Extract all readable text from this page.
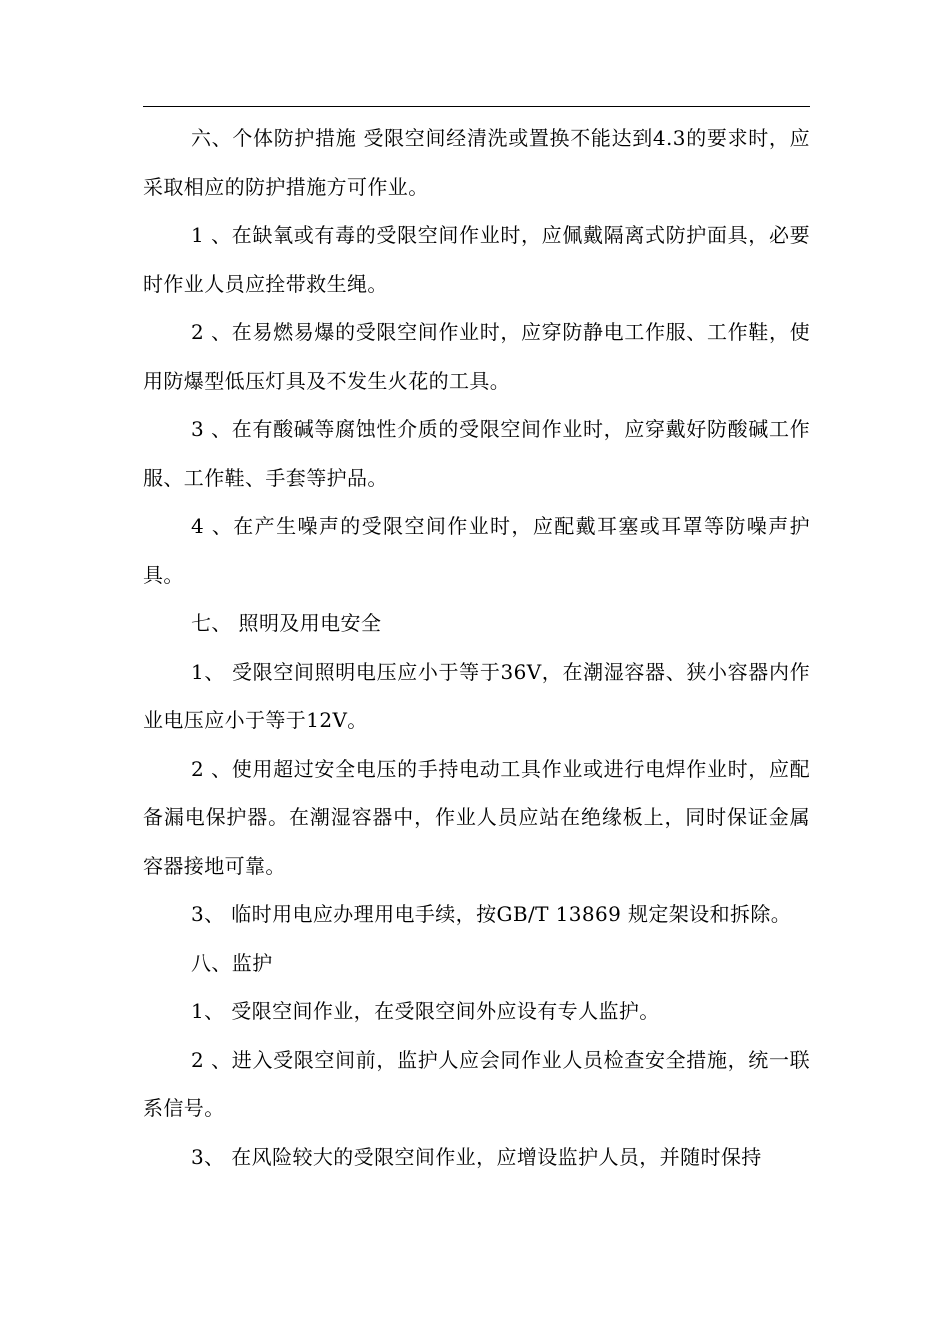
六、个体防护措施 受限空间经清洗或置换不能达到4.3的要求时，应采取相应的防护措施方可作业。

1 、在缺氧或有毒的受限空间作业时，应佩戴隔离式防护面具，必要时作业人员应拴带救生绳。

2 、在易燃易爆的受限空间作业时，应穿防静电工作服、工作鞋，使用防爆型低压灯具及不发生火花的工具。

3 、在有酸碱等腐蚀性介质的受限空间作业时，应穿戴好防酸碱工作服、工作鞋、手套等护品。

4 、在产生噪声的受限空间作业时，应配戴耳塞或耳罩等防噪声护具。

七、 照明及用电安全

1、 受限空间照明电压应小于等于36V，在潮湿容器、狭小容器内作业电压应小于等于12V。

2 、使用超过安全电压的手持电动工具作业或进行电焊作业时，应配备漏电保护器。在潮湿容器中，作业人员应站在绝缘板上，同时保证金属容器接地可靠。

3、 临时用电应办理用电手续，按GB/T 13869 规定架设和拆除。

八、监护

1、 受限空间作业，在受限空间外应设有专人监护。

2 、进入受限空间前，监护人应会同作业人员检查安全措施，统一联系信号。

3、 在风险较大的受限空间作业，应增设监护人员，并随时保持
